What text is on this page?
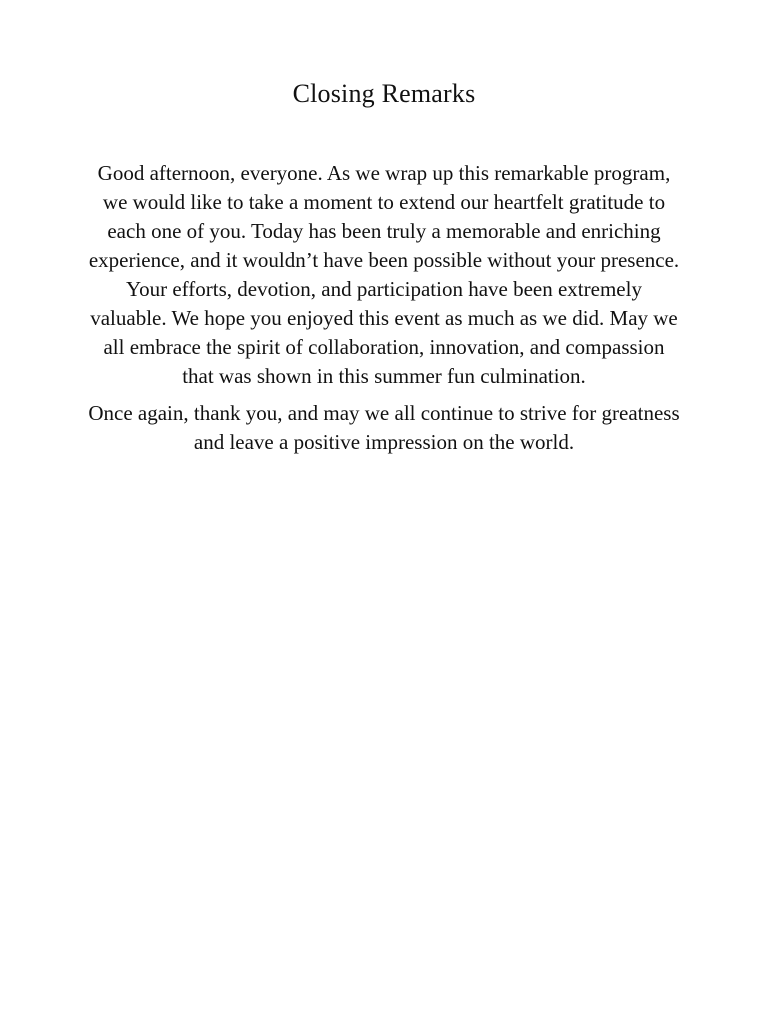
Closing Remarks

Good afternoon, everyone. As we wrap up this remarkable program, we would like to take a moment to extend our heartfelt gratitude to each one of you. Today has been truly a memorable and enriching experience, and it wouldn’t have been possible without your presence. Your efforts, devotion, and participation have been extremely valuable. We hope you enjoyed this event as much as we did. May we all embrace the spirit of collaboration, innovation, and compassion that was shown in this summer fun culmination.

Once again, thank you, and may we all continue to strive for greatness and leave a positive impression on the world.
